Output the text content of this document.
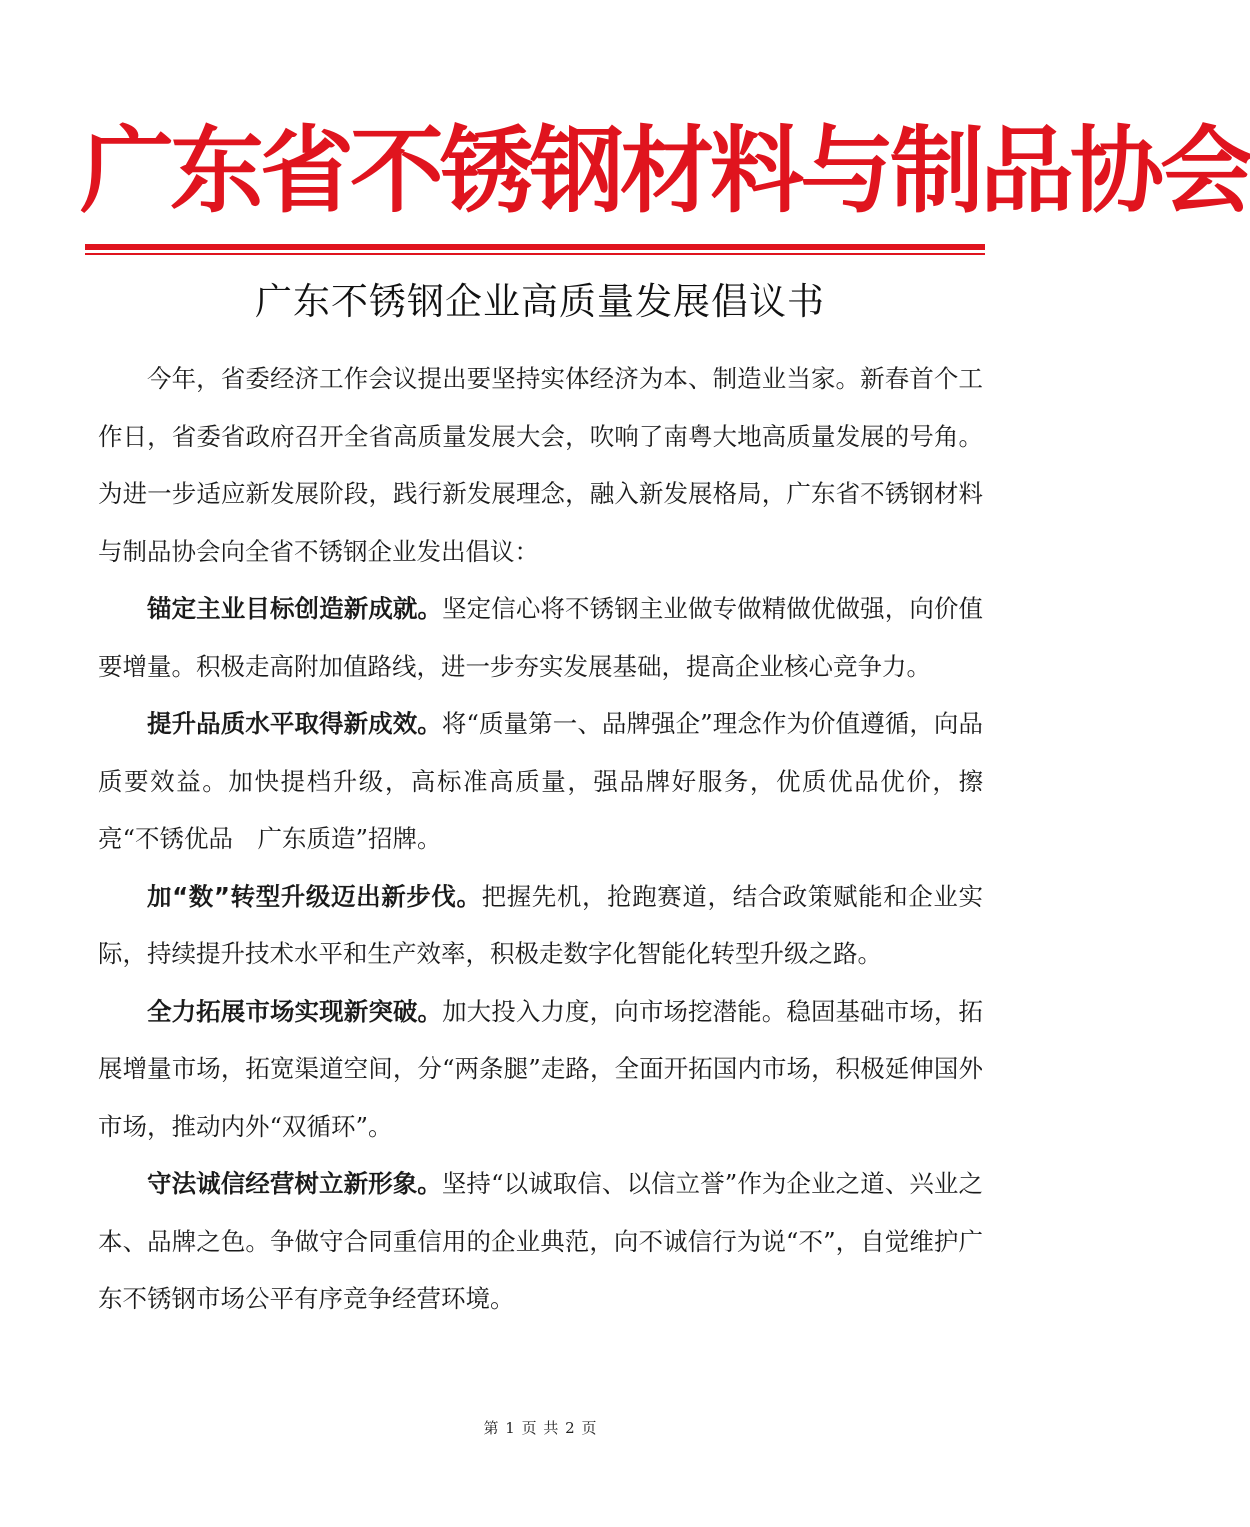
广东省不锈钢材料与制品协会
广东不锈钢企业高质量发展倡议书

今年，省委经济工作会议提出要坚持实体经济为本、制造业当家。新春首个工作日，省委省政府召开全省高质量发展大会，吹响了南粤大地高质量发展的号角。为进一步适应新发展阶段，践行新发展理念，融入新发展格局，广东省不锈钢材料与制品协会向全省不锈钢企业发出倡议：

锚定主业目标创造新成就。坚定信心将不锈钢主业做专做精做优做强，向价值要增量。积极走高附加值路线，进一步夯实发展基础，提高企业核心竞争力。

提升品质水平取得新成效。将“质量第一、品牌强企”理念作为价值遵循，向品质要效益。加快提档升级，高标准高质量，强品牌好服务，优质优品优价，擦亮“不锈优品　广东质造”招牌。

加“数”转型升级迈出新步伐。把握先机，抢跑赛道，结合政策赋能和企业实际，持续提升技术水平和生产效率，积极走数字化智能化转型升级之路。

全力拓展市场实现新突破。加大投入力度，向市场挖潜能。稳固基础市场，拓展增量市场，拓宽渠道空间，分“两条腿”走路，全面开拓国内市场，积极延伸国外市场，推动内外“双循环”。

守法诚信经营树立新形象。坚持“以诚取信、以信立誉”作为企业之道、兴业之本、品牌之色。争做守合同重信用的企业典范，向不诚信行为说“不”，自觉维护广东不锈钢市场公平有序竞争经营环境。

第 1 页 共 2 页
